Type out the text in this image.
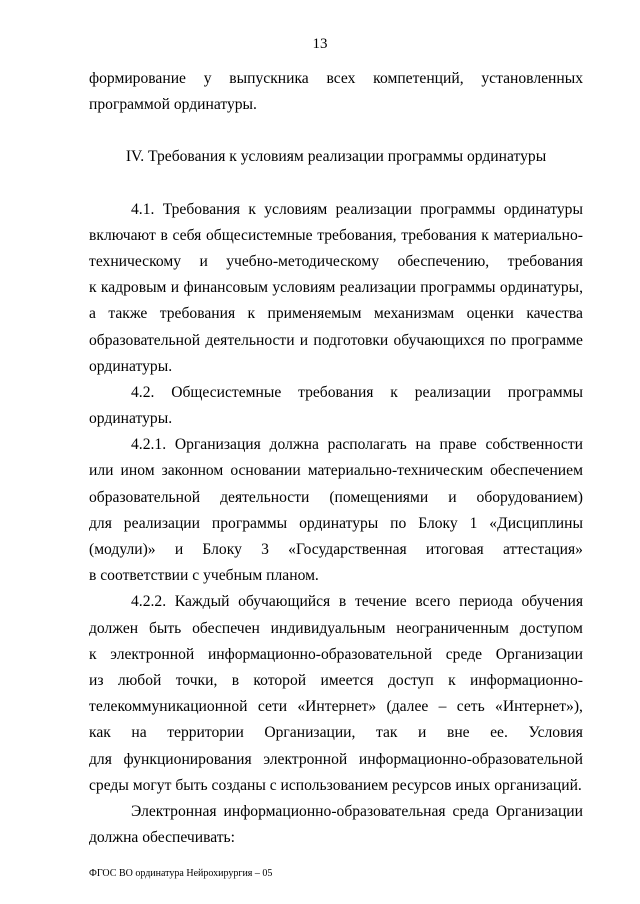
13
формирование у выпускника всех компетенций, установленных
программой ординатуры.
IV. Требования к условиям реализации программы ординатуры
4.1. Требования к условиям реализации программы ординатуры
включают в себя общесистемные требования, требования к материально-
техническому и учебно-методическому обеспечению, требования
к кадровым и финансовым условиям реализации программы ординатуры,
а также требования к применяемым механизмам оценки качества
образовательной деятельности и подготовки обучающихся по программе
ординатуры.
4.2. Общесистемные требования к реализации программы
ординатуры.
4.2.1. Организация должна располагать на праве собственности
или ином законном основании материально-техническим обеспечением
образовательной деятельности (помещениями и оборудованием)
для реализации программы ординатуры по Блоку 1 «Дисциплины
(модули)» и Блоку 3 «Государственная итоговая аттестация»
в соответствии с учебным планом.
4.2.2. Каждый обучающийся в течение всего периода обучения
должен быть обеспечен индивидуальным неограниченным доступом
к электронной информационно-образовательной среде Организации
из любой точки, в которой имеется доступ к информационно-
телекоммуникационной сети «Интернет» (далее – сеть «Интернет»),
как на территории Организации, так и вне ее. Условия
для функционирования электронной информационно-образовательной
среды могут быть созданы с использованием ресурсов иных организаций.
Электронная информационно-образовательная среда Организации
должна обеспечивать:
ФГОС ВО ординатура Нейрохирургия – 05
